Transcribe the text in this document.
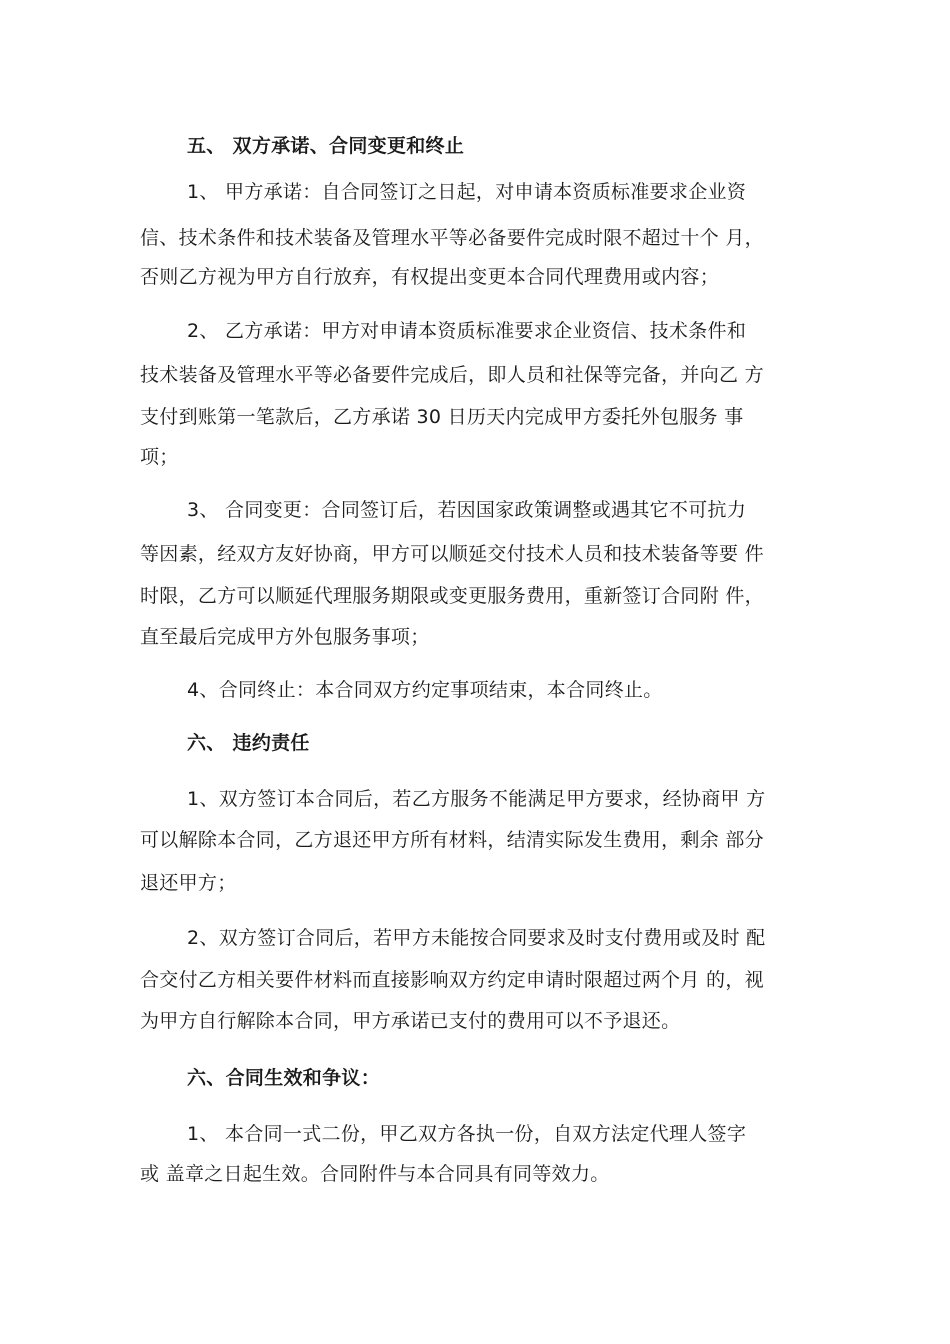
五、 双方承诺、合同变更和终止
1、 甲方承诺：自合同签订之日起，对申请本资质标准要求企业资
信、技术条件和技术装备及管理水平等必备要件完成时限不超过十个 月，
否则乙方视为甲方自行放弃，有权提出变更本合同代理费用或内容；
2、 乙方承诺：甲方对申请本资质标准要求企业资信、技术条件和
技术装备及管理水平等必备要件完成后，即人员和社保等完备，并向乙 方
支付到账第一笔款后，乙方承诺 30 日历天内完成甲方委托外包服务 事
项；
3、 合同变更：合同签订后，若因国家政策调整或遇其它不可抗力
等因素，经双方友好协商，甲方可以顺延交付技术人员和技术装备等要 件
时限，乙方可以顺延代理服务期限或变更服务费用，重新签订合同附 件，
直至最后完成甲方外包服务事项；
4、合同终止：本合同双方约定事项结束，本合同终止。
六、 违约责任
1、双方签订本合同后，若乙方服务不能满足甲方要求，经协商甲 方
可以解除本合同，乙方退还甲方所有材料，结清实际发生费用，剩余 部分
退还甲方；
2、双方签订合同后，若甲方未能按合同要求及时支付费用或及时 配
合交付乙方相关要件材料而直接影响双方约定申请时限超过两个月 的，视
为甲方自行解除本合同，甲方承诺已支付的费用可以不予退还。
六、合同生效和争议：
1、 本合同一式二份，甲乙双方各执一份，自双方法定代理人签字
或 盖章之日起生效。合同附件与本合同具有同等效力。
